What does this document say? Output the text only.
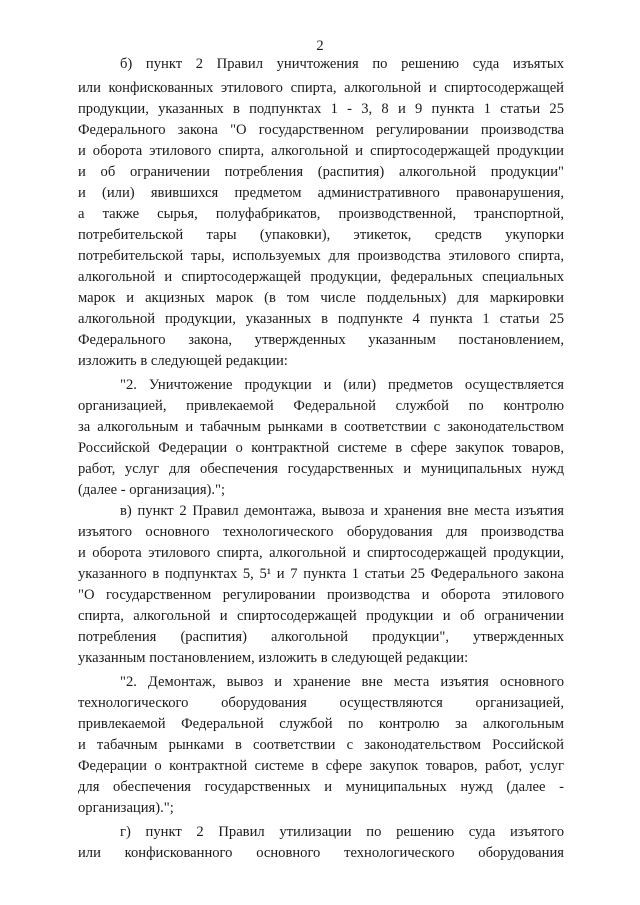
2
б) пункт 2 Правил уничтожения по решению суда изъятых
или конфискованных этилового спирта, алкогольной и спиртосодержащей
продукции, указанных в подпунктах 1 - 3, 8 и 9 пункта 1 статьи 25
Федерального закона "О государственном регулировании производства
и оборота этилового спирта, алкогольной и спиртосодержащей продукции
и об ограничении потребления (распития) алкогольной продукции"
и (или) явившихся предметом административного правонарушения,
а также сырья, полуфабрикатов, производственной, транспортной,
потребительской тары (упаковки), этикеток, средств укупорки
потребительской тары, используемых для производства этилового спирта,
алкогольной и спиртосодержащей продукции, федеральных специальных
марок и акцизных марок (в том числе поддельных) для маркировки
алкогольной продукции, указанных в подпункте 4 пункта 1 статьи 25
Федерального закона, утвержденных указанным постановлением,
изложить в следующей редакции:
"2. Уничтожение продукции и (или) предметов осуществляется
организацией, привлекаемой Федеральной службой по контролю
за алкогольным и табачным рынками в соответствии с законодательством
Российской Федерации о контрактной системе в сфере закупок товаров,
работ, услуг для обеспечения государственных и муниципальных нужд
(далее - организация).";
в) пункт 2 Правил демонтажа, вывоза и хранения вне места изъятия
изъятого основного технологического оборудования для производства
и оборота этилового спирта, алкогольной и спиртосодержащей продукции,
указанного в подпунктах 5, 5¹ и 7 пункта 1 статьи 25 Федерального закона
"О государственном регулировании производства и оборота этилового
спирта, алкогольной и спиртосодержащей продукции и об ограничении
потребления (распития) алкогольной продукции", утвержденных
указанным постановлением, изложить в следующей редакции:
"2. Демонтаж, вывоз и хранение вне места изъятия основного
технологического оборудования осуществляются организацией,
привлекаемой Федеральной службой по контролю за алкогольным
и табачным рынками в соответствии с законодательством Российской
Федерации о контрактной системе в сфере закупок товаров, работ, услуг
для обеспечения государственных и муниципальных нужд (далее -
организация).";
г) пункт 2 Правил утилизации по решению суда изъятого
или конфискованного основного технологического оборудования
